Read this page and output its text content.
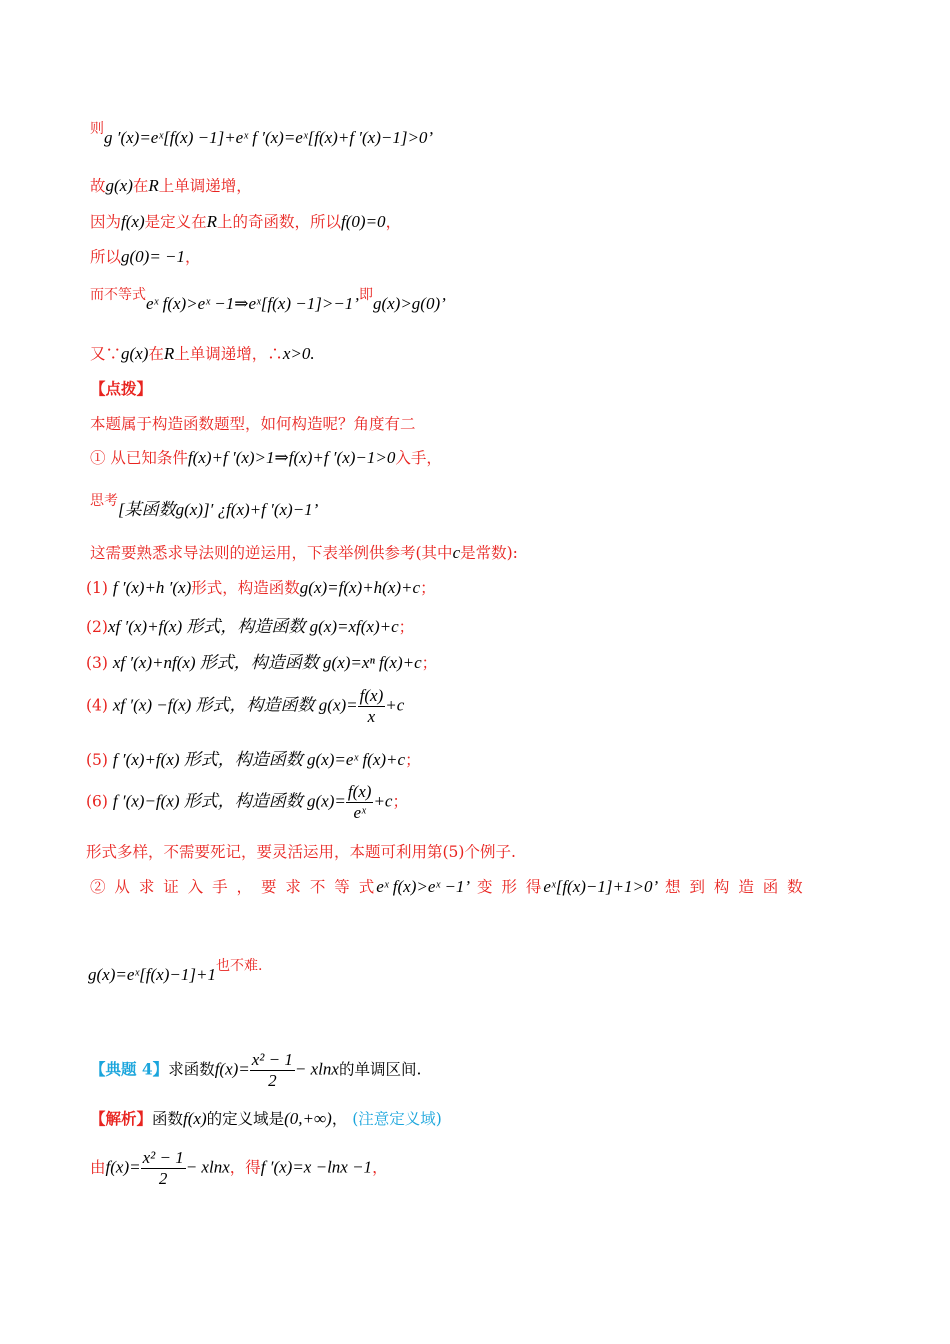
则g ′(x)=eˣ[f(x) −1]+eˣ f ′(x)=eˣ[f(x)+f ′(x)−1]>0’
故g(x)在R上单调递增，
因为f(x)是定义在R上的奇函数，所以f(0)=0，
所以g(0)= −1，
而不等式eˣ f(x)>eˣ −1⇒eˣ[f(x) −1]>−1’即g(x)>g(0)’
又∵g(x)在R上单调递增，∴x>0.
【点拨】
本题属于构造函数题型，如何构造呢？角度有二
① 从已知条件f(x)+f ′(x)>1⇒f(x)+f ′(x)−1>0入手，
思考[某函数g(x)]′ ¿f(x)+f ′(x)−1’
这需要熟悉求导法则的逆运用，下表举例供参考(其中c是常数):
(1) f ′(x)+h ′(x)形式，构造函数g(x)=f(x)+h(x)+c；
(2)xf ′(x)+f(x) 形式，构造函数 g(x)=xf(x)+c；
(3) xf ′(x)+nf(x) 形式，构造函数 g(x)=xⁿ f(x)+c；
(4) xf ′(x) −f(x) 形式，构造函数 $g(x)= \frac{f(x)}{x} +c$
(5) f ′(x)+f(x) 形式，构造函数 g(x)=eˣ f(x)+c；
(6) f ′(x)−f(x) 形式，构造函数 $g(x)= \frac{f(x)}{\text{eˣ}} +c$；
形式多样，不需要死记，要灵活运用，本题可利用第(5)个例子.
② 从 求 证 入 手 ， 要 求 不 等 式eˣ f(x)>eˣ −1’ 变 形 得eˣ[f(x)−1]+1>0’ 想 到 构 造 函 数
g(x)=eˣ[f(x)−1]+1也不难.
【典题 4】求函数$f(x)= \frac{\text{x² − 1}}{2} - xlnx$的单调区间.
【解析】函数f(x)的定义域是(0,+∞)， (注意定义域)
由$f(x)= \frac{\text{x² − 1}}{2} - xlnx$，得f ′(x)=x −lnx −1，
